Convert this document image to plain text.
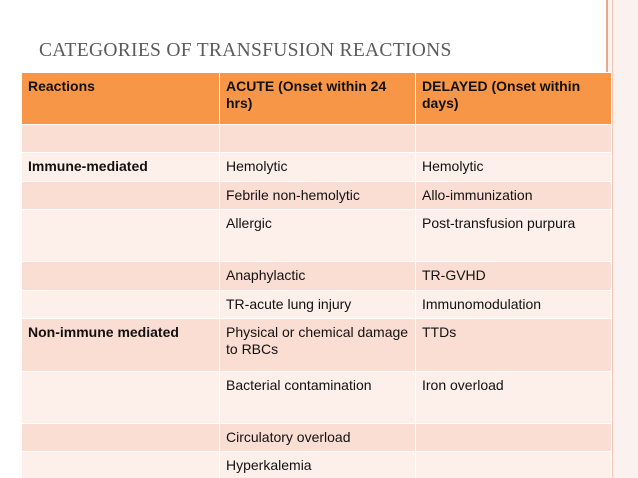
CATEGORIES OF TRANSFUSION REACTIONS
Reactions	ACUTE (Onset within 24 hrs)	DELAYED (Onset within days)

Immune-mediated	Hemolytic	Hemolytic
	Febrile non-hemolytic	Allo-immunization
	Allergic	Post-transfusion purpura
	Anaphylactic	TR-GVHD
	TR-acute lung injury	Immunomodulation
Non-immune mediated	Physical or chemical damage to RBCs	TTDs
	Bacterial contamination	Iron overload
	Circulatory overload	
	Hyperkalemia	
